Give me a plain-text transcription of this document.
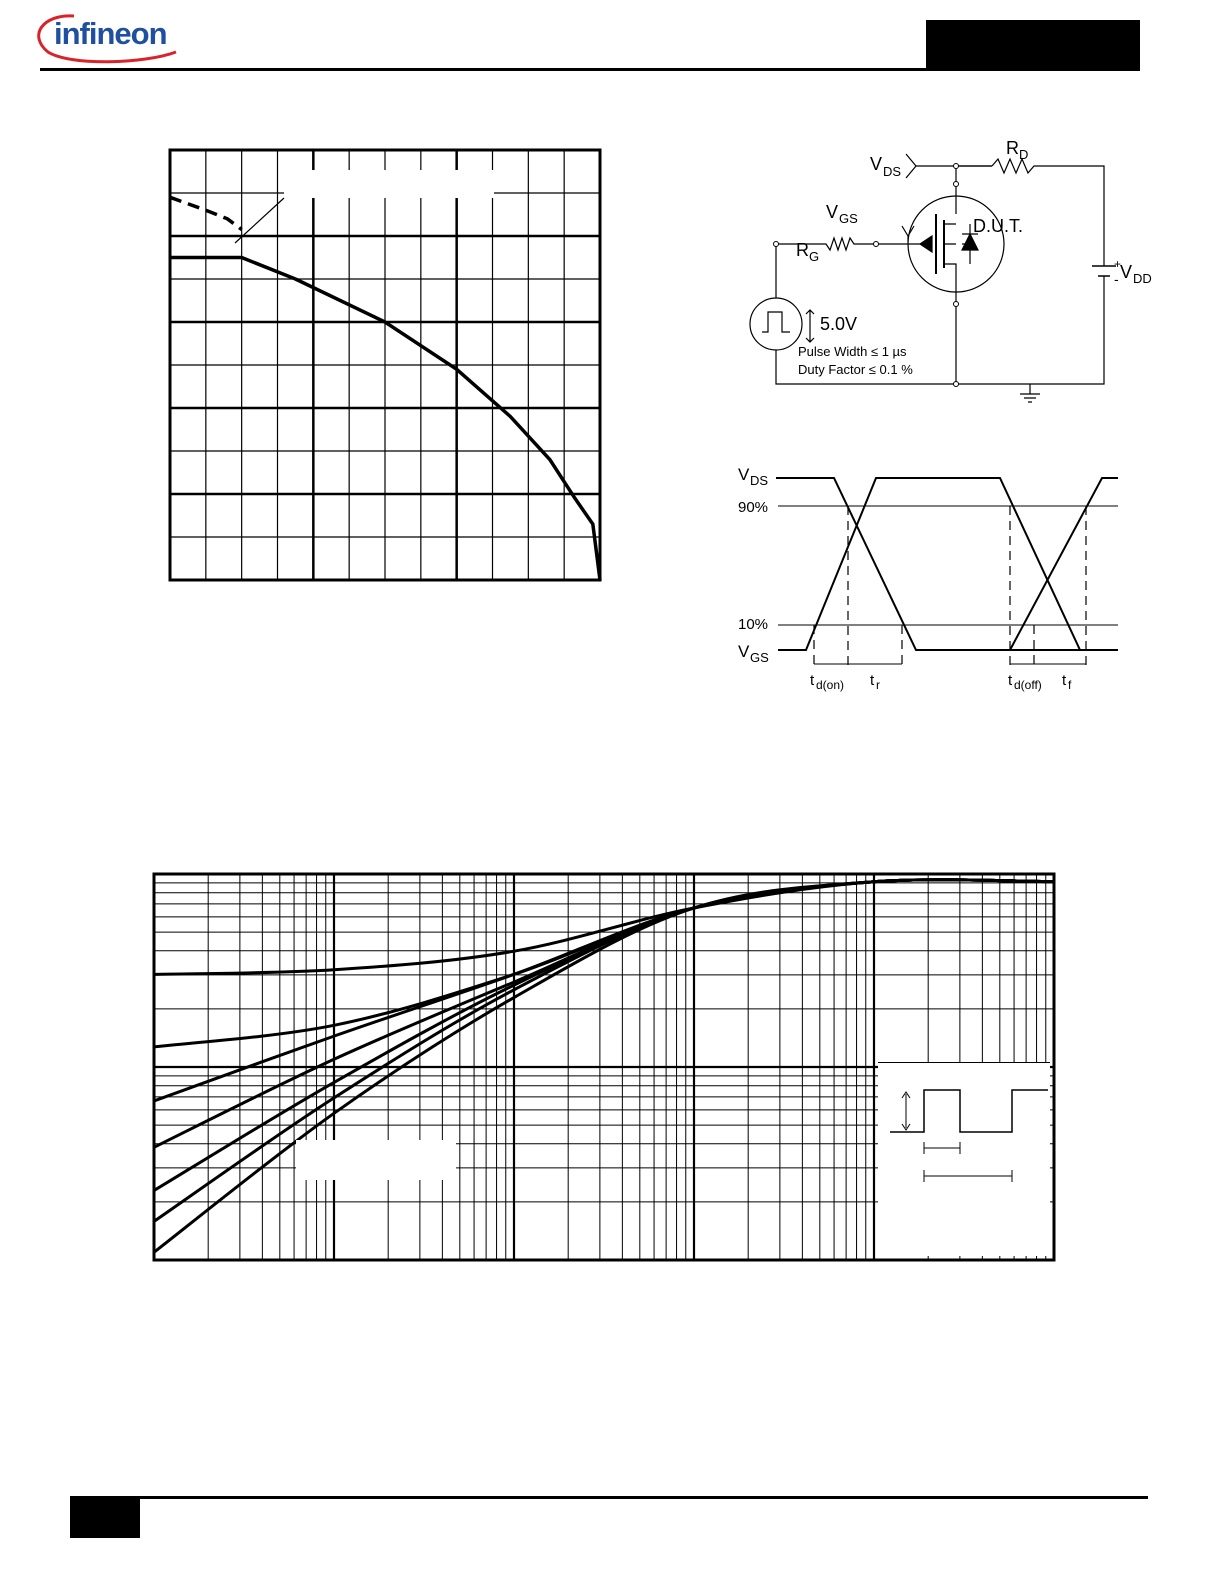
infineon
V DS
R D
V GS	D.U.T.
R G	+
- V DD
5.0V
Pulse Width ≤ 1 µs
Duty Factor ≤ 0.1 %
V DS
90%
10%
V GS
t d(on) t r	t d(off) t f
